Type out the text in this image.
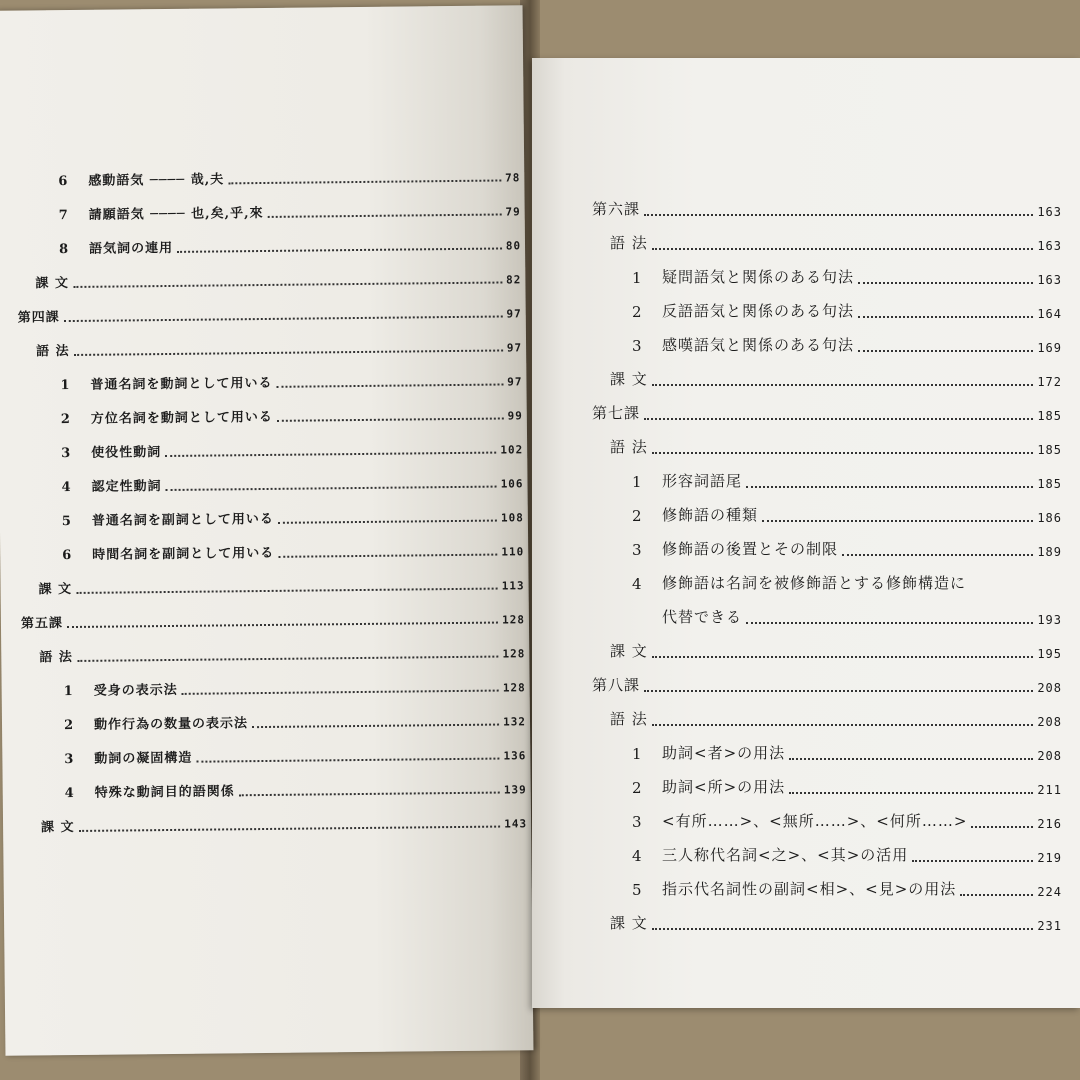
6	感動語気 ──── 哉,夫	78
7	請願語気 ──── 也,矣,乎,來	79
8	語気詞の連用	80
課 文	82
第四課	97
語 法	97
1	普通名詞を動詞として用いる	97
2	方位名詞を動詞として用いる	99
3	使役性動詞	102
4	認定性動詞	106
5	普通名詞を副詞として用いる	108
6	時間名詞を副詞として用いる	110
課 文	113
第五課	128
語 法	128
1	受身の表示法	128
2	動作行為の数量の表示法	132
3	動詞の凝固構造	136
4	特殊な動詞目的語関係	139
課 文	143
第六課	163
語 法	163
1	疑問語気と関係のある句法	163
2	反語語気と関係のある句法	164
3	感嘆語気と関係のある句法	169
課 文	172
第七課	185
語 法	185
1	形容詞語尾	185
2	修飾語の種類	186
3	修飾語の後置とその制限	189
4	修飾語は名詞を被修飾語とする修飾構造に
代替できる	193
課 文	195
第八課	208
語 法	208
1	助詞<者>の用法	208
2	助詞<所>の用法	211
3	<有所……>、<無所……>、<何所……>	216
4	三人称代名詞<之>、<其>の活用	219
5	指示代名詞性の副詞<相>、<見>の用法	224
課 文	231
